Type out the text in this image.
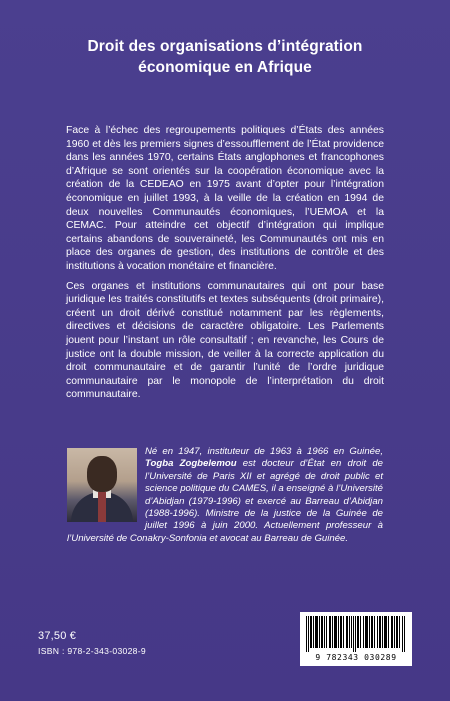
Droit des organisations d’intégration
économique en Afrique

Face à l’échec des regroupements politiques d’États des années 1960 et dès les premiers signes d’essoufflement de l’État providence dans les années 1970, certains États anglophones et francophones d’Afrique se sont orientés sur la coopération économique avec la création de la CEDEAO en 1975 avant d’opter pour l’intégration économique en juillet 1993, à la veille de la création en 1994 de deux nouvelles Communautés économiques, l’UEMOA et la CEMAC. Pour atteindre cet objectif d’intégration qui implique certains abandons de souveraineté, les Communautés ont mis en place des organes de gestion, des institutions de contrôle et des institutions à vocation monétaire et financière.

Ces organes et institutions communautaires qui ont pour base juridique les traités constitutifs et textes subséquents (droit primaire), créent un droit dérivé constitué notamment par les règlements, directives et décisions de caractère obligatoire. Les Parlements jouent pour l’instant un rôle consultatif ; en revanche, les Cours de justice ont la double mission, de veiller à la correcte application du droit communautaire et de garantir l’unité de l’ordre juridique communautaire par le monopole de l’interprétation du droit communautaire.

Né en 1947, instituteur de 1963 à 1966 en Guinée, Togba Zogbelemou est docteur d’État en droit de l’Université de Paris XII et agrégé de droit public et science politique du CAMES, il a enseigné à l’Université d’Abidjan (1979-1996) et exercé au Barreau d’Abidjan (1988-1996). Ministre de la justice de la Guinée de juillet 1996 à juin 2000. Actuellement professeur à l’Université de Conakry-Sonfonia et avocat au Barreau de Guinée.
37,50 €
ISBN : 978-2-343-03028-9
9 782343 030289
